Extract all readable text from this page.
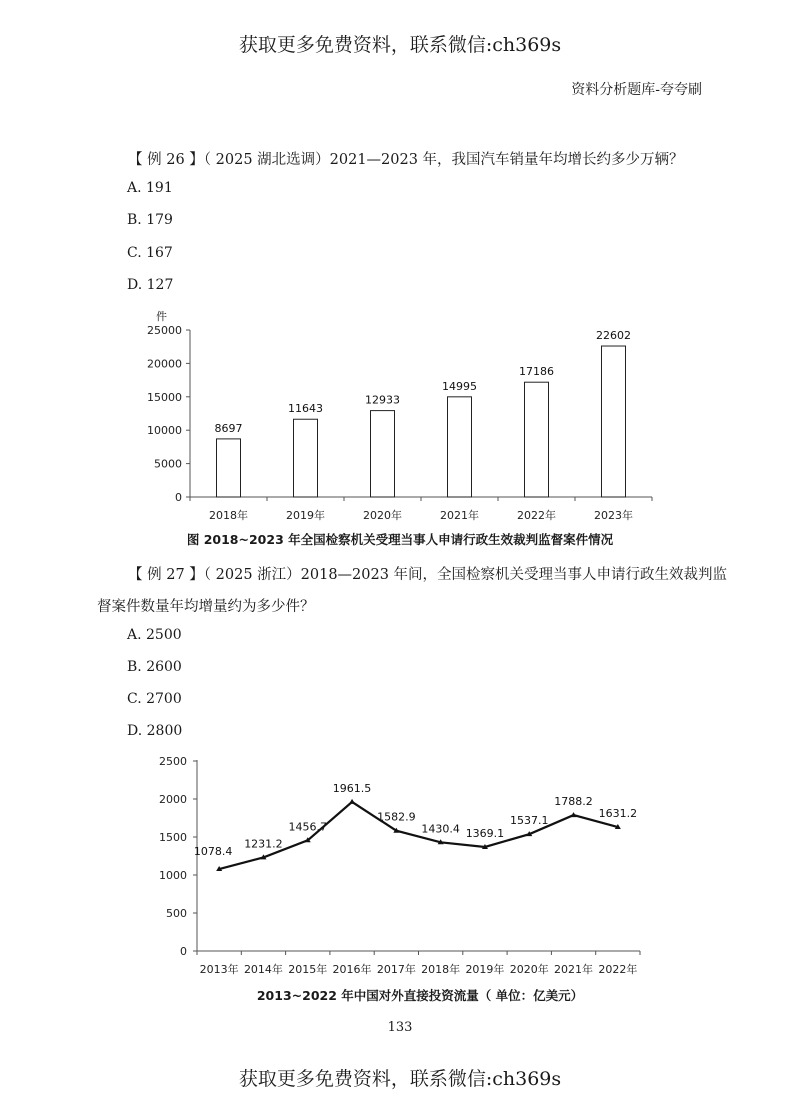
获取更多免费资料，联系微信:ch369s
资料分析题库-夸夸刷
【 例 26 】（ 2025 湖北选调）2021—2023 年，我国汽车销量年均增长约多少万辆？
A. 191
B. 179
C. 167
D. 127
件
0
5000
10000
15000
20000
25000
8697
2018年
11643
2019年
12933
2020年
14995
2021年
17186
2022年
22602
2023年
图 2018~2023 年全国检察机关受理当事人申请行政生效裁判监督案件情况
【 例 27 】（ 2025 浙江）2018—2023 年间，全国检察机关受理当事人申请行政生效裁判监
督案件数量年均增量约为多少件？
A. 2500
B. 2600
C. 2700
D. 2800
0
500
1000
1500
2000
2500
1078.4
2013年
1231.2
2014年
1456.7
2015年
1961.5
2016年
1582.9
2017年
1430.4
2018年
1369.1
2019年
1537.1
2020年
1788.2
2021年
1631.2
2022年
2013~2022 年中国对外直接投资流量（ 单位：亿美元）
133
获取更多免费资料，联系微信:ch369s
